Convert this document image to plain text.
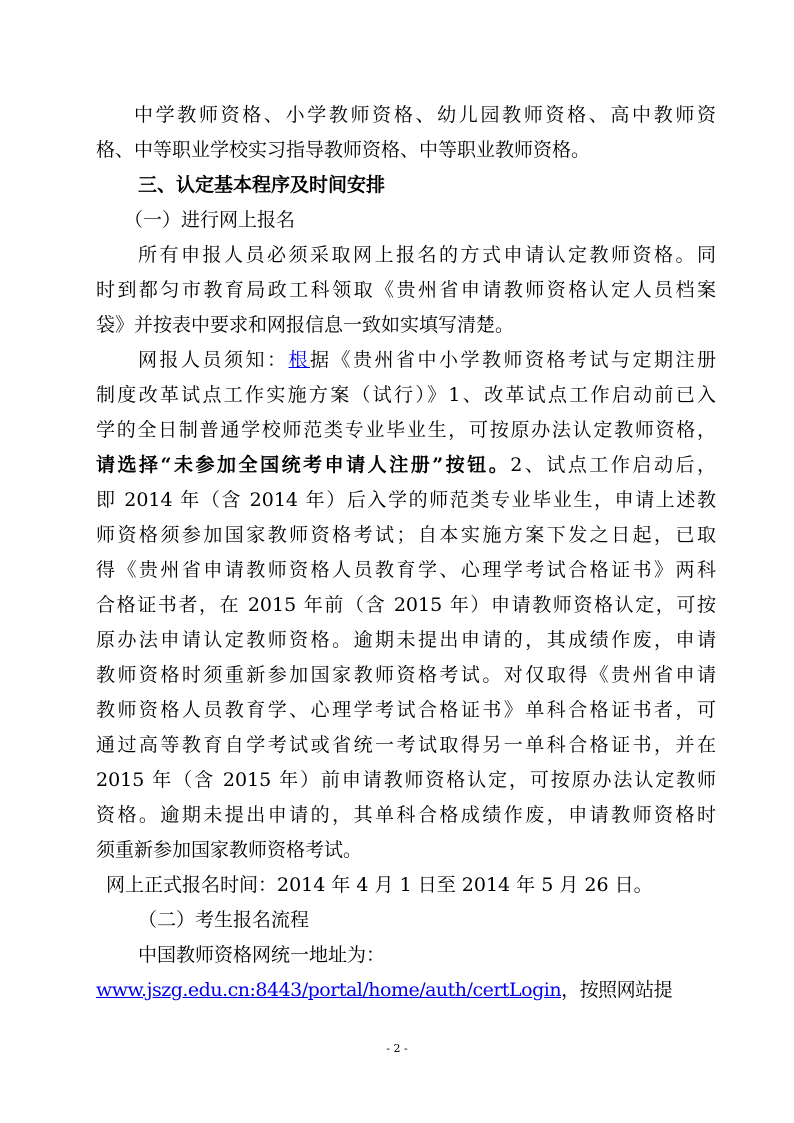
中学教师资格、小学教师资格、幼儿园教师资格、高中教师资
格、中等职业学校实习指导教师资格、中等职业教师资格。
三、认定基本程序及时间安排
（一）进行网上报名
所有申报人员必须采取网上报名的方式申请认定教师资格。同
时到都匀市教育局政工科领取《贵州省申请教师资格认定人员档案
袋》并按表中要求和网报信息一致如实填写清楚。
网报人员须知：根据《贵州省中小学教师资格考试与定期注册
制度改革试点工作实施方案（试行）》1、改革试点工作启动前已入
学的全日制普通学校师范类专业毕业生，可按原办法认定教师资格，
请选择“未参加全国统考申请人注册”按钮。2、试点工作启动后，
即 2014 年（含 2014 年）后入学的师范类专业毕业生，申请上述教
师资格须参加国家教师资格考试；自本实施方案下发之日起，已取
得《贵州省申请教师资格人员教育学、心理学考试合格证书》两科
合格证书者，在 2015 年前（含 2015 年）申请教师资格认定，可按
原办法申请认定教师资格。逾期未提出申请的，其成绩作废，申请
教师资格时须重新参加国家教师资格考试。对仅取得《贵州省申请
教师资格人员教育学、心理学考试合格证书》单科合格证书者，可
通过高等教育自学考试或省统一考试取得另一单科合格证书，并在
2015 年（含 2015 年）前申请教师资格认定，可按原办法认定教师
资格。逾期未提出申请的，其单科合格成绩作废，申请教师资格时
须重新参加国家教师资格考试。
网上正式报名时间：2014 年 4 月 1 日至 2014 年 5 月 26 日。
（二）考生报名流程
中国教师资格网统一地址为：
www.jszg.edu.cn:8443/portal/home/auth/certLogin，按照网站提
- 2 -
